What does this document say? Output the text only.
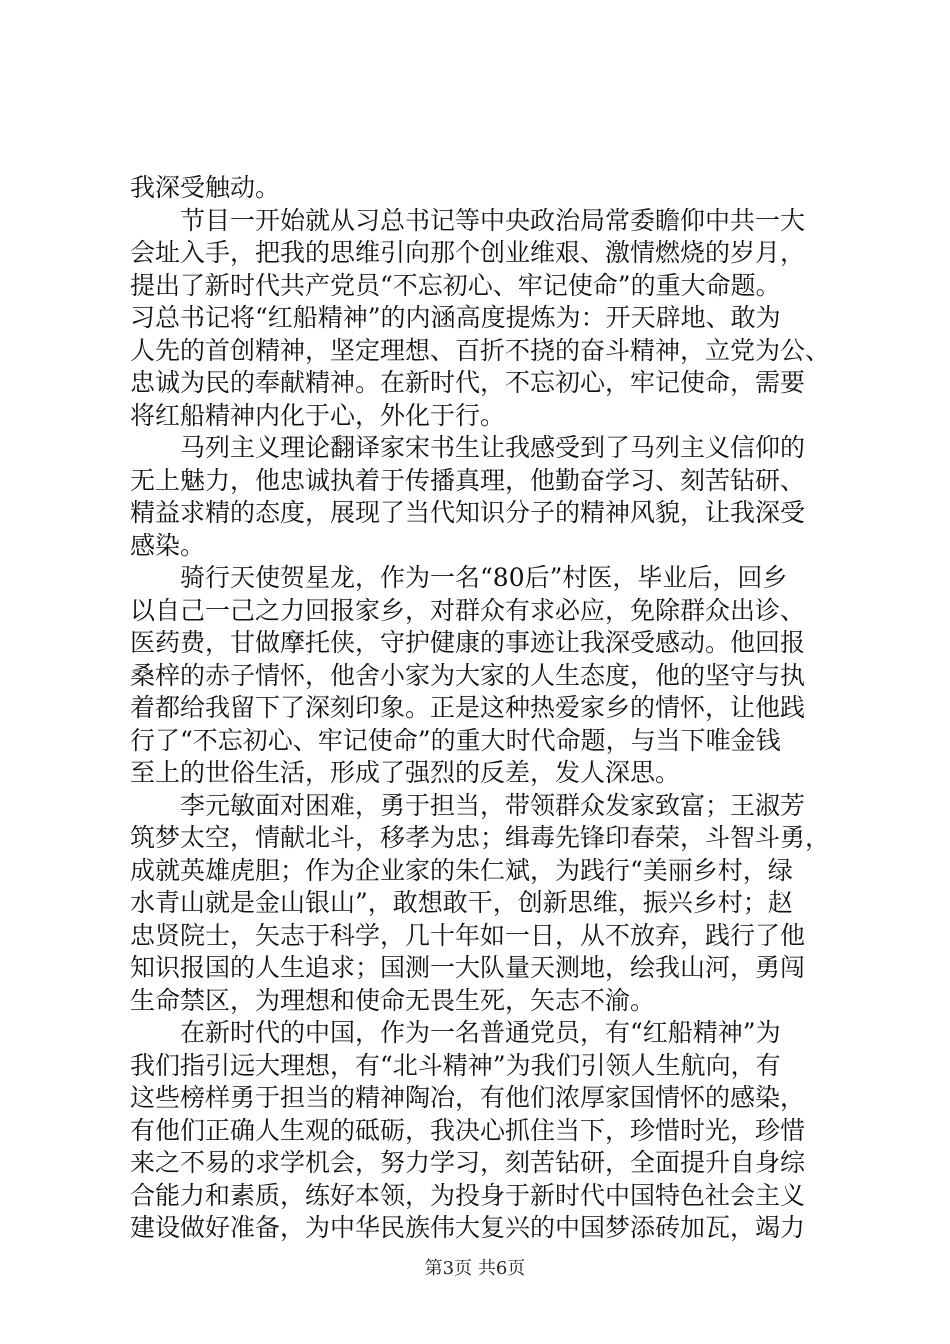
我深受触动。
节目一开始就从习总书记等中央政治局常委瞻仰中共一大
会址入手，把我的思维引向那个创业维艰、激情燃烧的岁月，
提出了新时代共产党员“不忘初心、牢记使命”的重大命题。
习总书记将“红船精神”的内涵高度提炼为：开天辟地、敢为
人先的首创精神，坚定理想、百折不挠的奋斗精神，立党为公、
忠诚为民的奉献精神。在新时代，不忘初心，牢记使命，需要
将红船精神内化于心，外化于行。
马列主义理论翻译家宋书生让我感受到了马列主义信仰的
无上魅力，他忠诚执着于传播真理，他勤奋学习、刻苦钻研、
精益求精的态度，展现了当代知识分子的精神风貌，让我深受
感染。
骑行天使贺星龙，作为一名“80后”村医，毕业后，回乡
以自己一己之力回报家乡，对群众有求必应，免除群众出诊、
医药费，甘做摩托侠，守护健康的事迹让我深受感动。他回报
桑梓的赤子情怀，他舍小家为大家的人生态度，他的坚守与执
着都给我留下了深刻印象。正是这种热爱家乡的情怀，让他践
行了“不忘初心、牢记使命”的重大时代命题，与当下唯金钱
至上的世俗生活，形成了强烈的反差，发人深思。
李元敏面对困难，勇于担当，带领群众发家致富；王淑芳
筑梦太空，情献北斗，移孝为忠；缉毒先锋印春荣，斗智斗勇，
成就英雄虎胆；作为企业家的朱仁斌，为践行“美丽乡村，绿
水青山就是金山银山”，敢想敢干，创新思维，振兴乡村；赵
忠贤院士，矢志于科学，几十年如一日，从不放弃，践行了他
知识报国的人生追求；国测一大队量天测地，绘我山河，勇闯
生命禁区，为理想和使命无畏生死，矢志不渝。
在新时代的中国，作为一名普通党员，有“红船精神”为
我们指引远大理想，有“北斗精神”为我们引领人生航向，有
这些榜样勇于担当的精神陶冶，有他们浓厚家国情怀的感染，
有他们正确人生观的砥砺，我决心抓住当下，珍惜时光，珍惜
来之不易的求学机会，努力学习，刻苦钻研，全面提升自身综
合能力和素质，练好本领，为投身于新时代中国特色社会主义
建设做好准备，为中华民族伟大复兴的中国梦添砖加瓦，竭力
第3页 共6页
